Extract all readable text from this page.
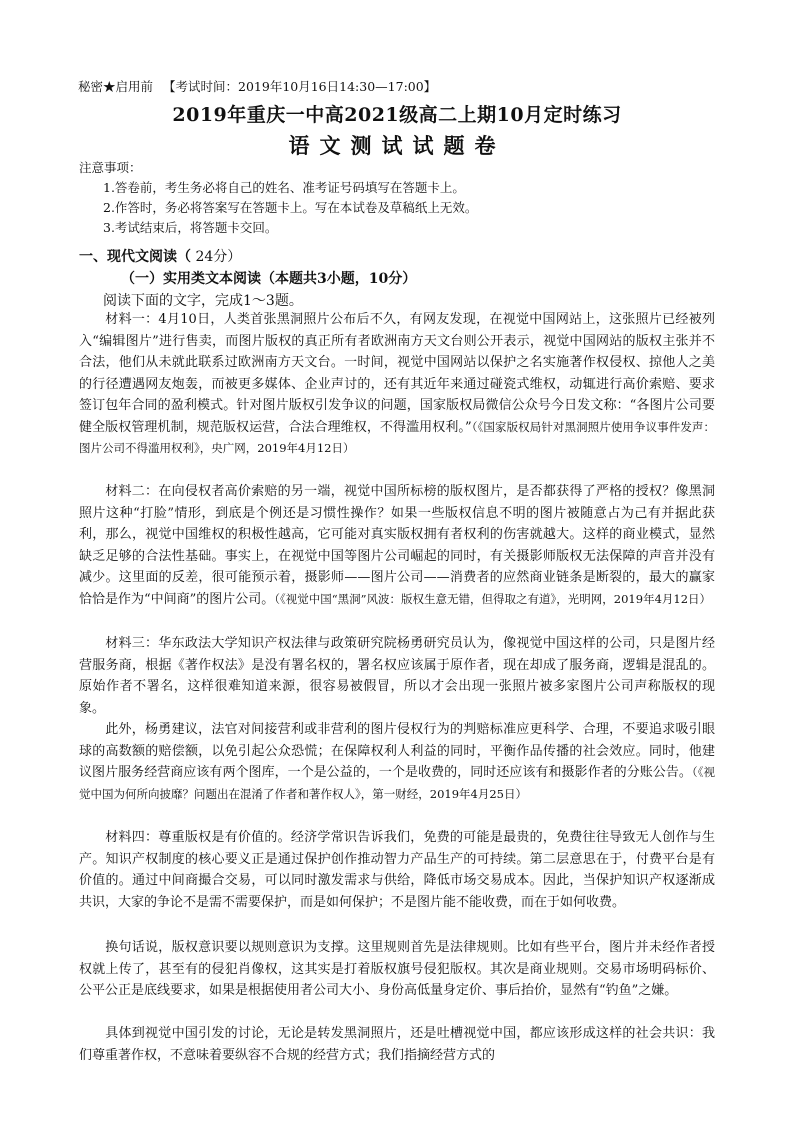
秘密★启用前 【考试时间：2019年10月16日14:30—17:00】
2019年重庆一中高2021级高二上期10月定时练习
语文测试试题卷
注意事项：
1.答卷前，考生务必将自己的姓名、准考证号码填写在答题卡上。
2.作答时，务必将答案写在答题卡上。写在本试卷及草稿纸上无效。
3.考试结束后，将答题卡交回。
一、现代文阅读（ 24分）
（一）实用类文本阅读（本题共3小题，10分）
阅读下面的文字，完成1～3题。
材料一：4月10日，人类首张黑洞照片公布后不久，有网友发现，在视觉中国网站上，这张照片已经被列入“编辑图片”进行售卖，而图片版权的真正所有者欧洲南方天文台则公开表示，视觉中国网站的版权主张并不合法，他们从未就此联系过欧洲南方天文台。一时间，视觉中国网站以保护之名实施著作权侵权、掠他人之美的行径遭遇网友炮轰，而被更多媒体、企业声讨的，还有其近年来通过碰瓷式维权，动辄进行高价索赔、要求签订包年合同的盈利模式。针对图片版权引发争议的问题，国家版权局微信公众号今日发文称：“各图片公司要健全版权管理机制，规范版权运营，合法合理维权，不得滥用权利。”（《国家版权局针对黑洞照片使用争议事件发声：图片公司不得滥用权利》，央广网，2019年4月12日）
材料二：在向侵权者高价索赔的另一端，视觉中国所标榜的版权图片，是否都获得了严格的授权？像黑洞照片这种“打脸”情形，到底是个例还是习惯性操作？如果一些版权信息不明的图片被随意占为己有并据此获利，那么，视觉中国维权的积极性越高，它可能对真实版权拥有者权利的伤害就越大。这样的商业模式，显然缺乏足够的合法性基础。事实上，在视觉中国等图片公司崛起的同时，有关摄影师版权无法保障的声音并没有减少。这里面的反差，很可能预示着，摄影师——图片公司——消费者的应然商业链条是断裂的，最大的赢家恰恰是作为“中间商”的图片公司。（《视觉中国“黑洞”风波：版权生意无错，但得取之有道》，光明网，2019年4月12日）
材料三：华东政法大学知识产权法律与政策研究院杨勇研究员认为，像视觉中国这样的公司，只是图片经营服务商，根据《著作权法》是没有署名权的，署名权应该属于原作者，现在却成了服务商，逻辑是混乱的。原始作者不署名，这样很难知道来源，很容易被假冒，所以才会出现一张照片被多家图片公司声称版权的现象。
此外，杨勇建议，法官对间接营利或非营利的图片侵权行为的判赔标准应更科学、合理，不要追求吸引眼球的高数额的赔偿额，以免引起公众恐慌；在保障权利人利益的同时，平衡作品传播的社会效应。同时，他建议图片服务经营商应该有两个图库，一个是公益的，一个是收费的，同时还应该有和摄影作者的分账公告。（《视觉中国为何所向披靡？问题出在混淆了作者和著作权人》，第一财经，2019年4月25日）
材料四：尊重版权是有价值的。经济学常识告诉我们，免费的可能是最贵的，免费往往导致无人创作与生产。知识产权制度的核心要义正是通过保护创作推动智力产品生产的可持续。第二层意思在于，付费平台是有价值的。通过中间商撮合交易，可以同时激发需求与供给，降低市场交易成本。因此，当保护知识产权逐渐成共识，大家的争论不是需不需要保护，而是如何保护；不是图片能不能收费，而在于如何收费。
换句话说，版权意识要以规则意识为支撑。这里规则首先是法律规则。比如有些平台，图片并未经作者授权就上传了，甚至有的侵犯肖像权，这其实是打着版权旗号侵犯版权。其次是商业规则。交易市场明码标价、公平公正是底线要求，如果是根据使用者公司大小、身份高低量身定价、事后抬价，显然有“钓鱼”之嫌。
具体到视觉中国引发的讨论，无论是转发黑洞照片，还是吐槽视觉中国，都应该形成这样的社会共识：我们尊重著作权，不意味着要纵容不合规的经营方式；我们指摘经营方式的
